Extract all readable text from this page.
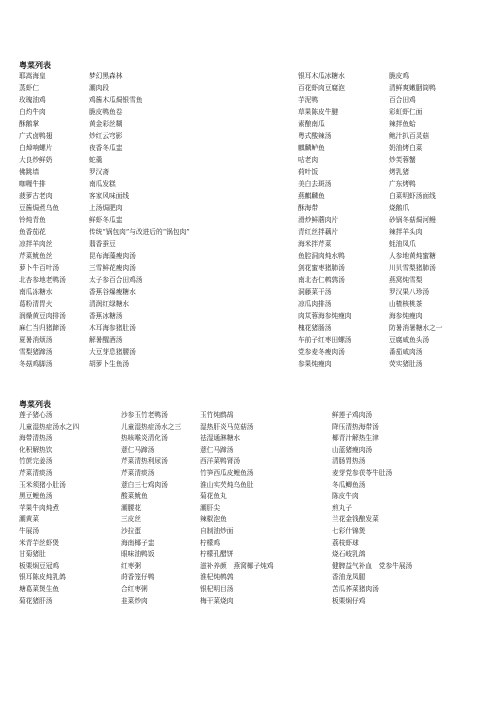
粤菜列表
耶嵩海皇	梦幻黑森林	银耳木瓜冰糖水	脆皮鸡
蒸虾仁	潮肉段	百花虾肉豆腐泡	清鲜爽嫩胭筒鸭
玫瑰油鸡	鸡酱木瓜焗银雪鱼	芋泥鸭	百合田鸡
白灼牛肉	脆皮鸭鱼卷	草果陈皮牛腱	彩虹虾仁面
酥鹅掌	黄金彩丝糊	素酿南瓜	辣拌鱼蛤
广式卤鸭翅	炒红云穹影	粤式酸辣汤	鲍汁扒百灵菇
白焯响螺片	夜香冬瓜盅	麒麟鲈鱼	奶油烤白菜
大良炒鲜奶	蛇羹	咕老肉	炒芙蓉蟹
佛跳墙	罗汉斋	荷叶饭	烤乳猪
咖喱牛排	南瓜发糕	美白去斑汤	广东烤鸭
菠萝古老肉	客家风味面线	燕麒麟鱼	白菜明虾汤面线
豆酱焗煮乌鱼	上汤焗肥肉	酥海带	烧鹅爪
铃炖青鱼	鲜虾冬瓜盅	滑炒鲜蘑肉片	砂锅冬菇焗河鳗
鱼香茄花	传统“锅包肉”与改进后的“锅包肉”	青红丝拌藕片	辣拌羊头肉
凉拌羊肉丝	翡香蚕豆	海米拌芹菜	蚝油凤爪
芹菜鱿鱼丝	昆布海藻瘦肉汤	鱼腔洞肉炖水鸭	人参地黄炖蜜糖
萝卜牛百叶汤	三雪鲜花瘦肉汤	剑花蜜枣猪肺汤	川贝雪梨猪肺汤
北杏参地老鸭汤	太子参百合田鸡汤	南北杏仁鹌鹑汤	燕窝炖雪梨
南瓜冻糖水	香蕉谷爆瘦糖水	洞藤菜干汤	罗汉果八珍汤
葛粉清胃火	清润红绿糖水	凉瓜肉排汤	山楂核桃茶
润燥黄豆肉排汤	香蕉冰糖汤	肉苁蓉海参炖瘦肉	海参炖瘦肉
麻仁当归猪蹄汤	木耳海参猪肚汤	槐花猪肠汤	防暑消暑糖水之一
夏暑消烦汤	解暑醒酒汤	车前子红枣田螺汤	豆腐咸鱼头汤
雪梨猪蹄汤	大豆芽息猪腰汤	党参麦冬瘦肉汤	番茄咸肉汤
冬菇鸡脚汤	胡萝卜生鱼汤	参果炖瘦肉	荧实猪肚汤
粤菜列表
莲子猪心汤	沙参玉竹老鸭汤	玉竹炖鹧鸪	鲜莲子鸡肉汤
儿童湿热症汤水之四	儿童湿热症汤水之三	湿热肝炎马苋菇汤	降压清热海带汤
海带清热汤	热咳喉炎清化汤	祛湿通淋糖水	椰青汁解热生津
化积解热饮	薏仁马蹄汤	薏仁马蹄汤	山蓝猪瘦肉汤
竹蔗完姜汤	芹菜清热利尿汤	西洋菜鸭肾汤	清肠胃热汤
芹菜清痰汤	芹菜清痰汤	竹笋西瓜皮鲤鱼汤	麦芽党参茯苓牛肚汤
玉米须猪小肚汤	薏白三七鸡肉汤	淮山实芡炖乌鱼肚	冬瓜鲫鱼汤
黑豆鲤鱼汤	酸菜鱿鱼	菊花鱼丸	陈皮牛肉
苹果牛肉炖煮	潮腰花	潮肝尖	煎丸子
潮黄菜	三皮丝	辣椒泡鱼	兰花金钱酿发菜
牛展汤	沙拉蛋	自制油炒面	七彩什锦煲
米青芋丝虾煲	海南椰子盅	柠檬鸡	荔枝虾球
甘菊猪肚	眼味油鸭饭	柠檬孔醋饼	烧石岐乳鸽
板栗焖豆冠鸡	红枣粥	滋补养颜　燕窝椰子炖鸡	健脾益气补血　党参牛展汤
银耳陈皮炖乳鸽	莳香笼仔鸭	淮杞炖鹌鹑	香油龙凤腿
塘葛菜煲生鱼	合红枣粥	银杞明目汤	苦瓜荞菜猪肉汤
菊花猪肝汤	韭菜炒肉	梅干菜烧肉	板栗焖仔鸡
